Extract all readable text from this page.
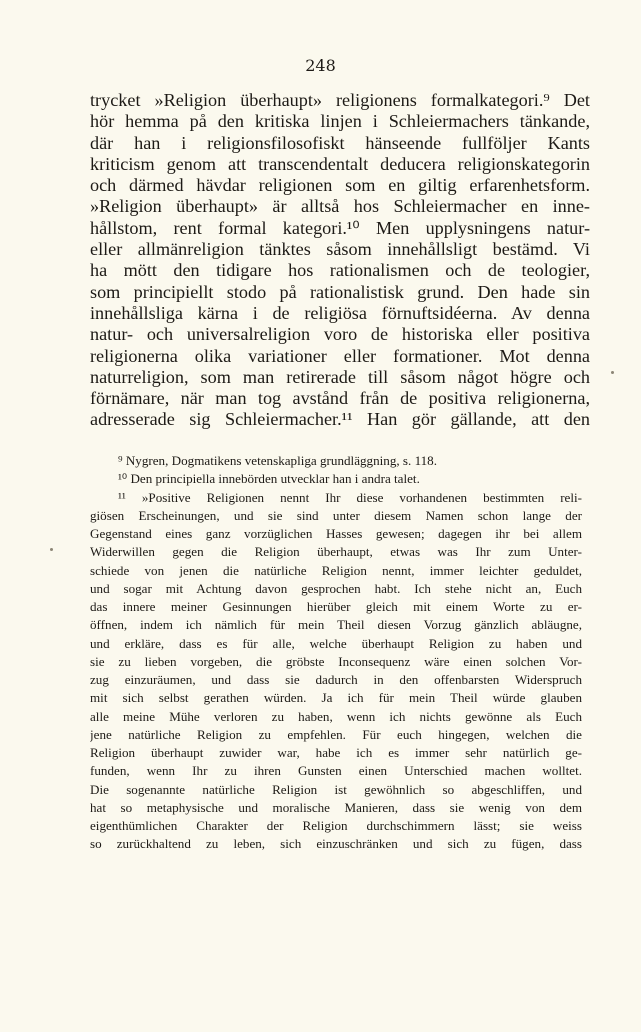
248
trycket »Religion überhaupt» religionens formalkategori.⁹ Det
hör hemma på den kritiska linjen i Schleiermachers tänkande,
där han i religionsfilosofiskt hänseende fullföljer Kants
kriticism genom att transcendentalt deducera religionskategorin
och därmed hävdar religionen som en giltig erfarenhetsform.
»Religion überhaupt» är alltså hos Schleiermacher en inne-
hållstom, rent formal kategori.¹⁰ Men upplysningens natur-
eller allmänreligion tänktes såsom innehållsligt bestämd. Vi
ha mött den tidigare hos rationalismen och de teologier,
som principiellt stodo på rationalistisk grund. Den hade sin
innehållsliga kärna i de religiösa förnuftsidéerna. Av denna
natur- och universalreligion voro de historiska eller positiva
religionerna olika variationer eller formationer. Mot denna
naturreligion, som man retirerade till såsom något högre och
förnämare, när man tog avstånd från de positiva religionerna,
adresserade sig Schleiermacher.¹¹ Han gör gällande, att den
⁹ Nygren, Dogmatikens vetenskapliga grundläggning, s. 118.
¹⁰ Den principiella innebörden utvecklar han i andra talet.
¹¹ »Positive Religionen nennt Ihr diese vorhandenen bestimmten reli-
giösen Erscheinungen, und sie sind unter diesem Namen schon lange der
Gegenstand eines ganz vorzüglichen Hasses gewesen; dagegen ihr bei allem
Widerwillen gegen die Religion überhaupt, etwas was Ihr zum Unter-
schiede von jenen die natürliche Religion nennt, immer leichter geduldet,
und sogar mit Achtung davon gesprochen habt. Ich stehe nicht an, Euch
das innere meiner Gesinnungen hierüber gleich mit einem Worte zu er-
öffnen, indem ich nämlich für mein Theil diesen Vorzug gänzlich abläugne,
und erkläre, dass es für alle, welche überhaupt Religion zu haben und
sie zu lieben vorgeben, die gröbste Inconsequenz wäre einen solchen Vor-
zug einzuräumen, und dass sie dadurch in den offenbarsten Widerspruch
mit sich selbst gerathen würden. Ja ich für mein Theil würde glauben
alle meine Mühe verloren zu haben, wenn ich nichts gewönne als Euch
jene natürliche Religion zu empfehlen. Für euch hingegen, welchen die
Religion überhaupt zuwider war, habe ich es immer sehr natürlich ge-
funden, wenn Ihr zu ihren Gunsten einen Unterschied machen wolltet.
Die sogenannte natürliche Religion ist gewöhnlich so abgeschliffen, und
hat so metaphysische und moralische Manieren, dass sie wenig von dem
eigenthümlichen Charakter der Religion durchschimmern lässt; sie weiss
so zurückhaltend zu leben, sich einzuschränken und sich zu fügen, dass
